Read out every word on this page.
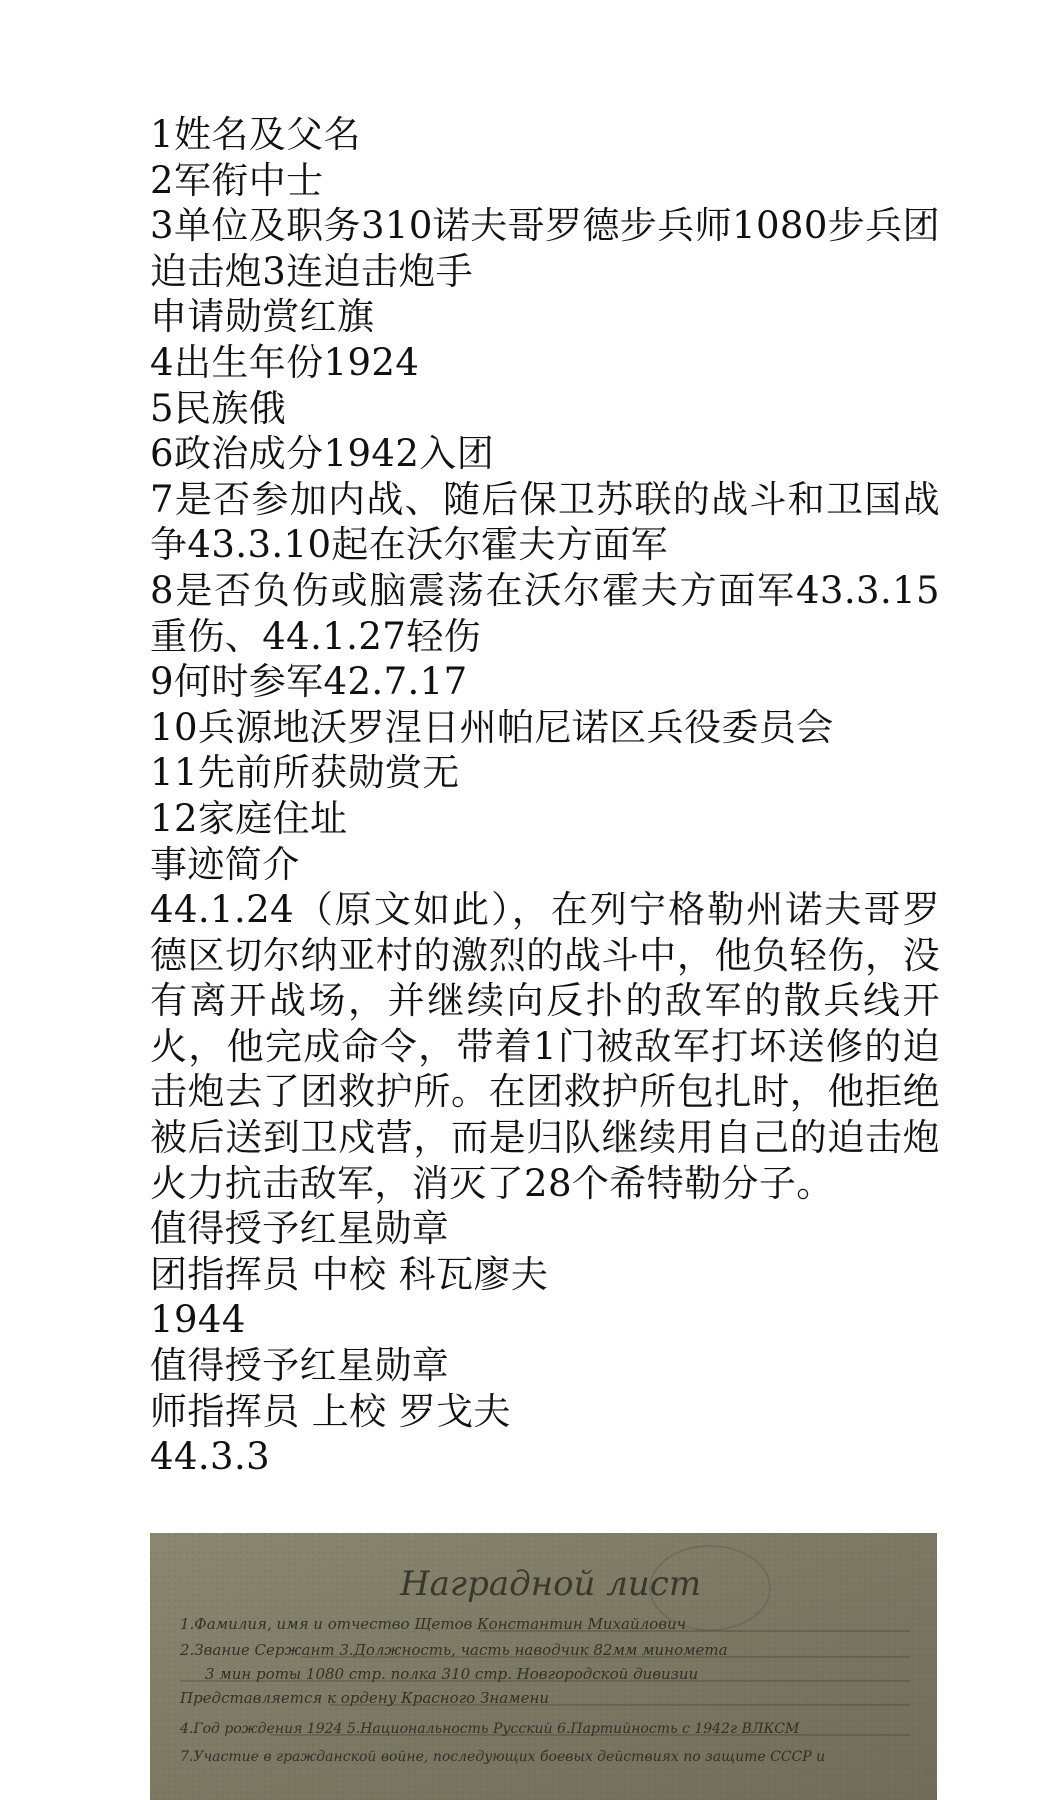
1姓名及父名
2军衔中士
3单位及职务310诺夫哥罗德步兵师1080步兵团迫击炮3连迫击炮手
申请勋赏红旗
4出生年份1924
5民族俄
6政治成分1942入团
7是否参加内战、随后保卫苏联的战斗和卫国战争43.3.10起在沃尔霍夫方面军
8是否负伤或脑震荡在沃尔霍夫方面军43.3.15重伤、44.1.27轻伤
9何时参军42.7.17
10兵源地沃罗涅日州帕尼诺区兵役委员会
11先前所获勋赏无
12家庭住址
事迹简介
44.1.24（原文如此），在列宁格勒州诺夫哥罗德区切尔纳亚村的激烈的战斗中，他负轻伤，没有离开战场，并继续向反扑的敌军的散兵线开火，他完成命令，带着1门被敌军打坏送修的迫击炮去了团救护所。在团救护所包扎时，他拒绝被后送到卫戍营，而是归队继续用自己的迫击炮火力抗击敌军，消灭了28个希特勒分子。
值得授予红星勋章
团指挥员 中校 科瓦廖夫
1944
值得授予红星勋章
师指挥员 上校 罗戈夫
44.3.3
Наградной лист
1.Фамилия, имя и отчество Щетов Константин Михайлович
2.Звание Сержант 3.Должность, часть наводчик 82мм миномета
3 мин роты 1080 стр. полка 310 стр. Новгородской дивизии
Представляется к ордену Красного Знамени
4.Год рождения 1924 5.Национальность Русский 6.Партийность с 1942г ВЛКСМ
7.Участие в гражданской войне, последующих боевых действиях по защите СССР и
